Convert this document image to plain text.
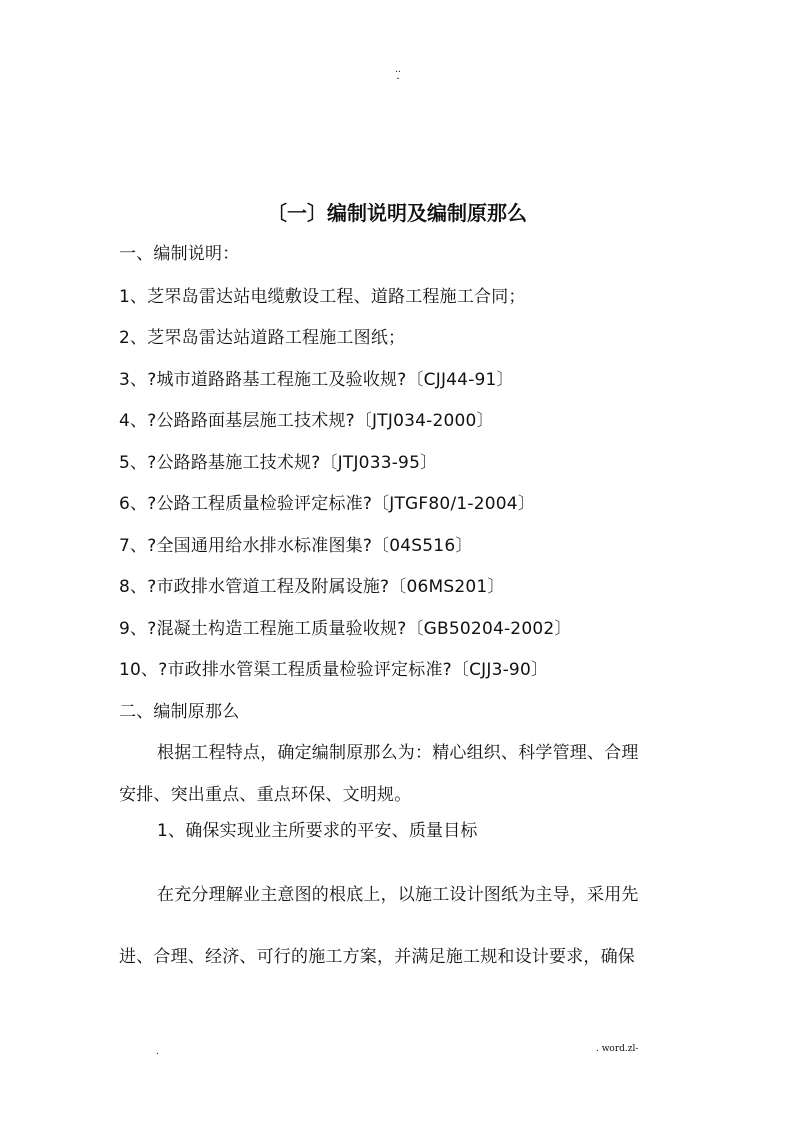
..
-
〔一〕编制说明及编制原那么
一、编制说明：
1、芝罘岛雷达站电缆敷设工程、道路工程施工合同；
2、芝罘岛雷达站道路工程施工图纸；
3、?城市道路路基工程施工及验收规?〔CJJ44-91〕
4、?公路路面基层施工技术规?〔JTJ034-2000〕
5、?公路路基施工技术规?〔JTJ033-95〕
6、?公路工程质量检验评定标准?〔JTGF80/1-2004〕
7、?全国通用给水排水标准图集?〔04S516〕
8、?市政排水管道工程及附属设施?〔06MS201〕
9、?混凝土构造工程施工质量验收规?〔GB50204-2002〕
10、?市政排水管渠工程质量检验评定标准?〔CJJ3-90〕
二、编制原那么
根据工程特点，确定编制原那么为：精心组织、科学管理、合理
安排、突出重点、重点环保、文明规。
1、确保实现业主所要求的平安、质量目标
在充分理解业主意图的根底上，以施工设计图纸为主导，采用先
进、合理、经济、可行的施工方案，并满足施工规和设计要求，确保
.	. word.zl-
